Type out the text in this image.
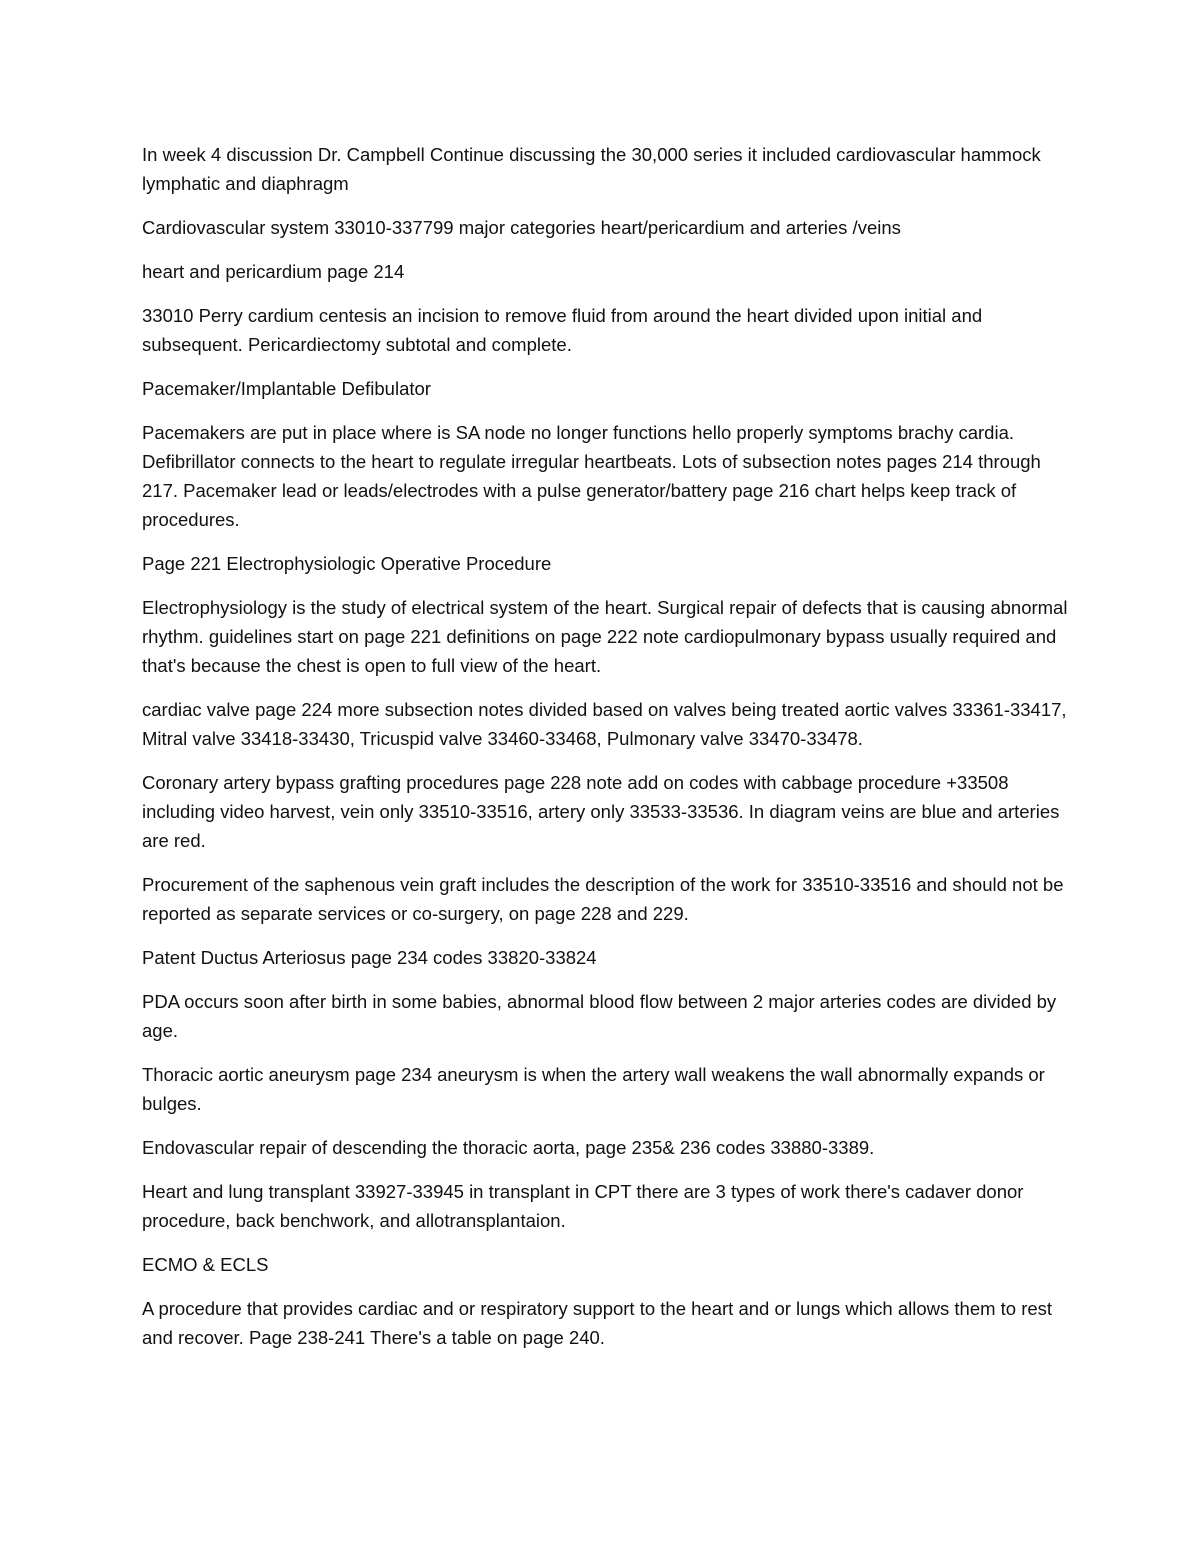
In week 4 discussion Dr. Campbell Continue discussing the 30,000 series it included cardiovascular hammock lymphatic and diaphragm

Cardiovascular system 33010-337799 major categories heart/pericardium and arteries /veins

heart and pericardium page 214

33010 Perry cardium centesis an incision to remove fluid from around the heart divided upon initial and subsequent. Pericardiectomy subtotal and complete.

Pacemaker/Implantable Defibulator

Pacemakers are put in place where is SA node no longer functions hello properly symptoms brachy cardia. Defibrillator connects to the heart to regulate irregular heartbeats. Lots of subsection notes pages 214 through 217. Pacemaker lead or leads/electrodes with a pulse generator/battery page 216 chart helps keep track of procedures.

Page 221 Electrophysiologic Operative Procedure

Electrophysiology is the study of electrical system of the heart. Surgical repair of defects that is causing abnormal rhythm. guidelines start on page 221 definitions on page 222 note cardiopulmonary bypass usually required and that's because the chest is open to full view of the heart.

cardiac valve page 224 more subsection notes divided based on valves being treated aortic valves 33361-33417, Mitral valve 33418-33430, Tricuspid valve 33460-33468, Pulmonary valve 33470-33478.

Coronary artery bypass grafting procedures page 228 note add on codes with cabbage procedure +33508 including video harvest, vein only 33510-33516, artery only 33533-33536. In diagram veins are blue and arteries are red.

Procurement of the saphenous vein graft includes the description of the work for 33510-33516 and should not be reported as separate services or co-surgery, on page 228 and 229.

Patent Ductus Arteriosus page 234 codes 33820-33824

PDA occurs soon after birth in some babies, abnormal blood flow between 2 major arteries codes are divided by age.

Thoracic aortic aneurysm page 234 aneurysm is when the artery wall weakens the wall abnormally expands or bulges.

Endovascular repair of descending the thoracic aorta, page 235& 236 codes 33880-3389.

Heart and lung transplant 33927-33945 in transplant in CPT there are 3 types of work there's cadaver donor procedure, back benchwork, and allotransplantaion.

ECMO & ECLS

A procedure that provides cardiac and or respiratory support to the heart and or lungs which allows them to rest and recover. Page 238-241 There's a table on page 240.
